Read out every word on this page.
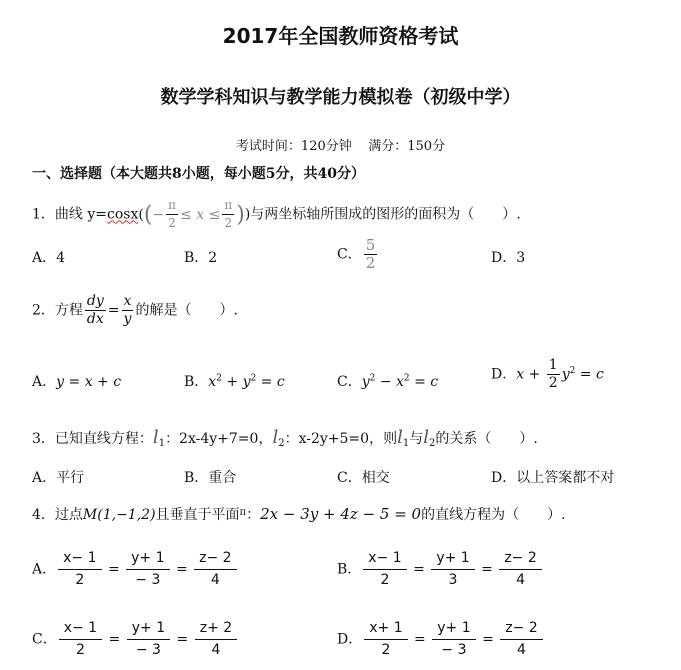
2017年全国教师资格考试
数学学科知识与教学能力模拟卷（初级中学）
考试时间：120分钟    满分：150分
一、选择题（本大题共8小题，每小题5分，共40分）
1．曲线 $y=\cos x((- \frac{\pi}{2} \le x \le \frac{\pi}{2}$ ))与两坐标轴所围成的图形的面积为（　　）.
A．4	B．2	C． $\frac{5}{2}$	D．3
2．方程 $\frac{dy}{dx} = \frac{x}{y}$ 的解是（　　）.
A．y = x + c	B．$x^2 + y^2 = c$	C．$y^2 - x^2 = c$	D．$x + \frac{1}{2} y^2 = c$
3．已知直线方程：$l_1$：2x-4y+7=0，$l_2$：x-2y+5=0，则$l_1$与$l_2$的关系（　　）.
A．平行	B．重合	C．相交	D．以上答案都不对
4．过点M(1,−1,2)且垂直于平面$^\pi$：2x − 3y + 4z − 5 = 0的直线方程为（　　）.
A． $\frac{x- 1}{2} = \frac{y+ 1}{- 3} = \frac{z- 2}{4}$	B． $\frac{x- 1}{2} = \frac{y+ 1}{3} = \frac{z- 2}{4}$
C． $\frac{x- 1}{2} = \frac{y+ 1}{- 3} = \frac{z+ 2}{4}$	D． $\frac{x+ 1}{2} = \frac{y+ 1}{- 3} = \frac{z- 2}{4}$
